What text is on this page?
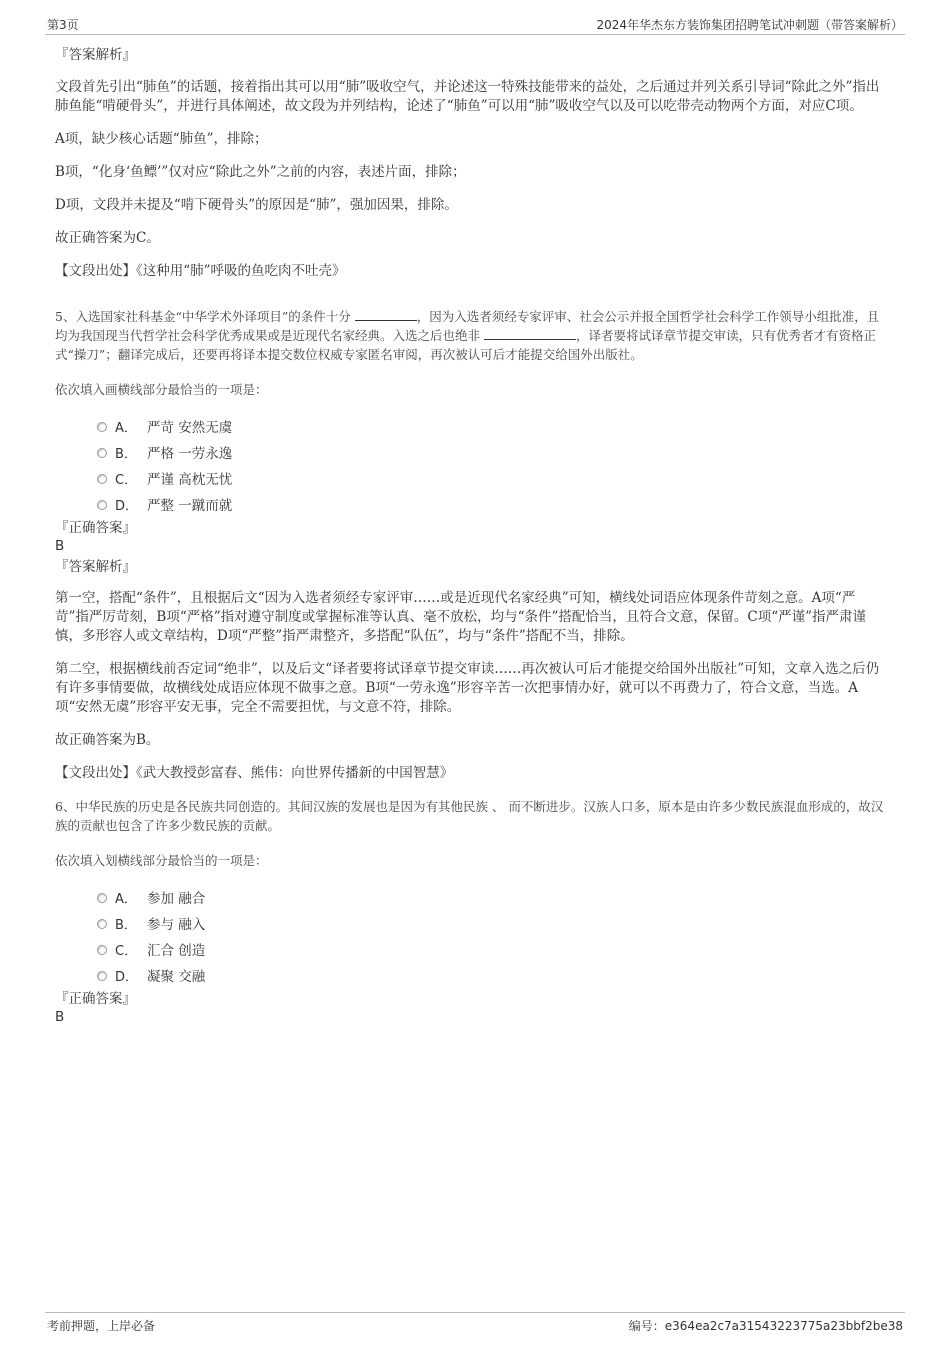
第3页	2024年华杰东方装饰集团招聘笔试冲刺题（带答案解析）

『答案解析』

文段首先引出“肺鱼”的话题，接着指出其可以用“肺”吸收空气，并论述这一特殊技能带来的益处，之后通过并列关系引导词“除此之外”指出肺鱼能“啃硬骨头”，并进行具体阐述，故文段为并列结构，论述了“肺鱼”可以用“肺”吸收空气以及可以吃带壳动物两个方面，对应C项。

A项，缺少核心话题“肺鱼”，排除；

B项，“化身‘鱼鳔’”仅对应“除此之外”之前的内容，表述片面，排除；

D项，文段并未提及“啃下硬骨头”的原因是“肺”，强加因果，排除。

故正确答案为C。

【文段出处】《这种用“肺”呼吸的鱼吃肉不吐壳》

5、入选国家社科基金“中华学术外译项目”的条件十分	，因为入选者须经专家评审、社会公示并报全国哲学社会科学工作领导小组批准，且均为我国现当代哲学社会科学优秀成果或是近现代名家经典。入选之后也绝非	，译者要将试译章节提交审读，只有优秀者才有资格正式“操刀”；翻译完成后，还要再将译本提交数位权威专家匿名审阅，再次被认可后才能提交给国外出版社。

依次填入画横线部分最恰当的一项是：

A． 严苛 安然无虞
B． 严格 一劳永逸
C． 严谨 高枕无忧
D． 严整 一蹴而就

『正确答案』

B

『答案解析』

第一空，搭配“条件”，且根据后文“因为入选者须经专家评审……或是近现代名家经典”可知，横线处词语应体现条件苛刻之意。A项“严苛”指严厉苛刻，B项“严格”指对遵守制度或掌握标准等认真、毫不放松，均与“条件”搭配恰当，且符合文意，保留。C项“严谨”指严肃谨慎，多形容人或文章结构，D项“严整”指严肃整齐，多搭配“队伍”，均与“条件”搭配不当，排除。

第二空，根据横线前否定词“绝非”，以及后文“译者要将试译章节提交审读……再次被认可后才能提交给国外出版社”可知，文章入选之后仍有许多事情要做，故横线处成语应体现不做事之意。B项“一劳永逸”形容辛苦一次把事情办好，就可以不再费力了，符合文意，当选。A项“安然无虞”形容平安无事，完全不需要担忧，与文意不符，排除。

故正确答案为B。

【文段出处】《武大教授彭富春、熊伟：向世界传播新的中国智慧》

6、中华民族的历史是各民族共同创造的。其间汉族的发展也是因为有其他民族 、 而不断进步。汉族人口多，原本是由许多少数民族混血形成的，故汉族的贡献也包含了许多少数民族的贡献。

依次填入划横线部分最恰当的一项是：

A． 参加 融合
B． 参与 融入
C． 汇合 创造
D． 凝聚 交融

『正确答案』

B

考前押题，上岸必备	编号：e364ea2c7a31543223775a23bbf2be38
